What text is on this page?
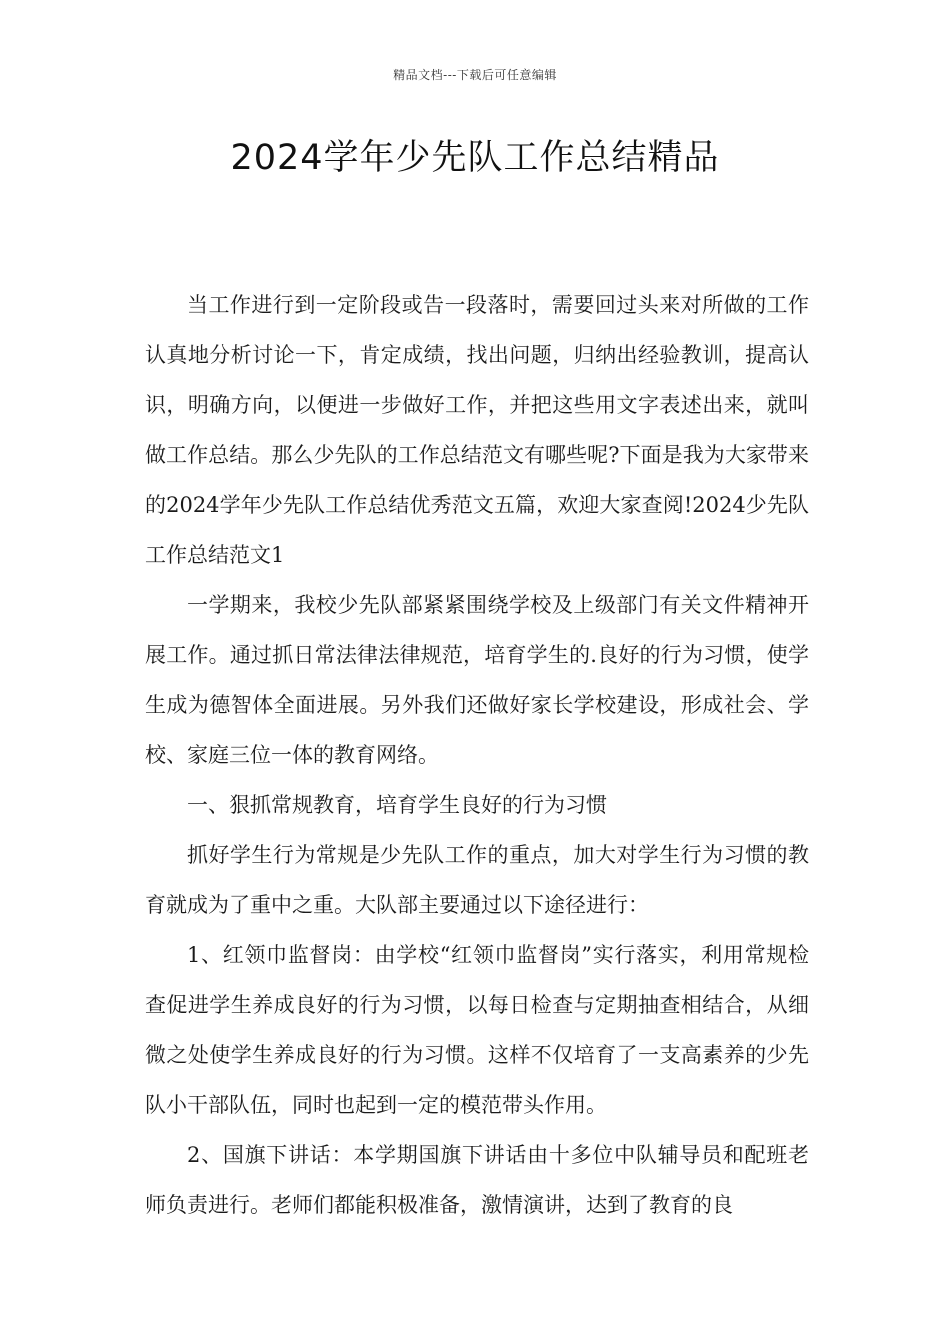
精品文档---下载后可任意编辑
2024学年少先队工作总结精品

当工作进行到一定阶段或告一段落时，需要回过头来对所做的工作认真地分析讨论一下，肯定成绩，找出问题，归纳出经验教训，提高认识，明确方向，以便进一步做好工作，并把这些用文字表述出来，就叫做工作总结。那么少先队的工作总结范文有哪些呢?下面是我为大家带来的2024学年少先队工作总结优秀范文五篇，欢迎大家查阅!2024少先队工作总结范文1

一学期来，我校少先队部紧紧围绕学校及上级部门有关文件精神开展工作。通过抓日常法律法律规范，培育学生的.良好的行为习惯，使学生成为德智体全面进展。另外我们还做好家长学校建设，形成社会、学校、家庭三位一体的教育网络。

一、狠抓常规教育，培育学生良好的行为习惯

抓好学生行为常规是少先队工作的重点，加大对学生行为习惯的教育就成为了重中之重。大队部主要通过以下途径进行：

1、红领巾监督岗：由学校“红领巾监督岗”实行落实，利用常规检查促进学生养成良好的行为习惯，以每日检查与定期抽查相结合，从细微之处使学生养成良好的行为习惯。这样不仅培育了一支高素养的少先队小干部队伍，同时也起到一定的模范带头作用。

2、国旗下讲话：本学期国旗下讲话由十多位中队辅导员和配班老师负责进行。老师们都能积极准备，激情演讲，达到了教育的良
